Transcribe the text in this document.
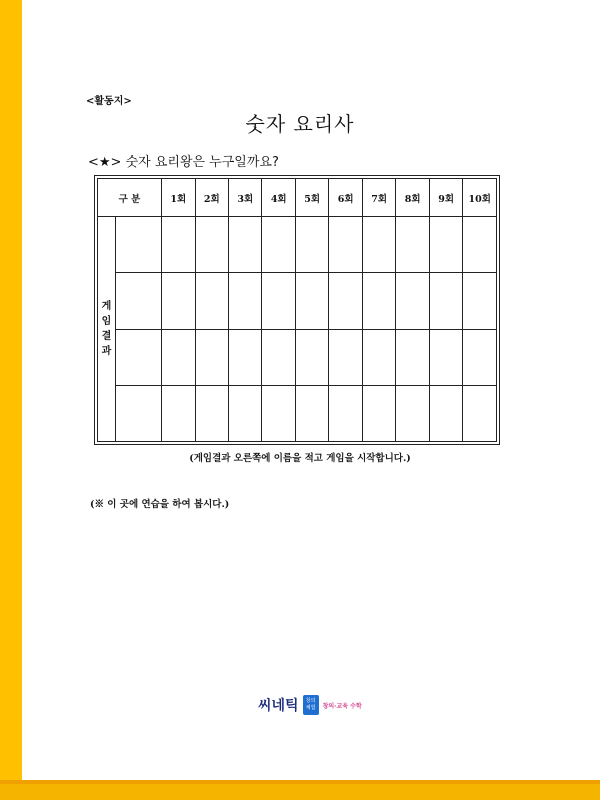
<활동지>
숫자 요리사
<★> 숫자 요리왕은 누구일까요?
구 분		1회	2회	3회	4회	5회	6회	7회	8회	9회	10회

게
임
결
과											

(게임결과 오른쪽에 이름을 적고 게임을 시작합니다.)
(※ 이 곳에 연습을 하여 봅시다.)
씨네틱	창의
체험	창의·교육 수학
